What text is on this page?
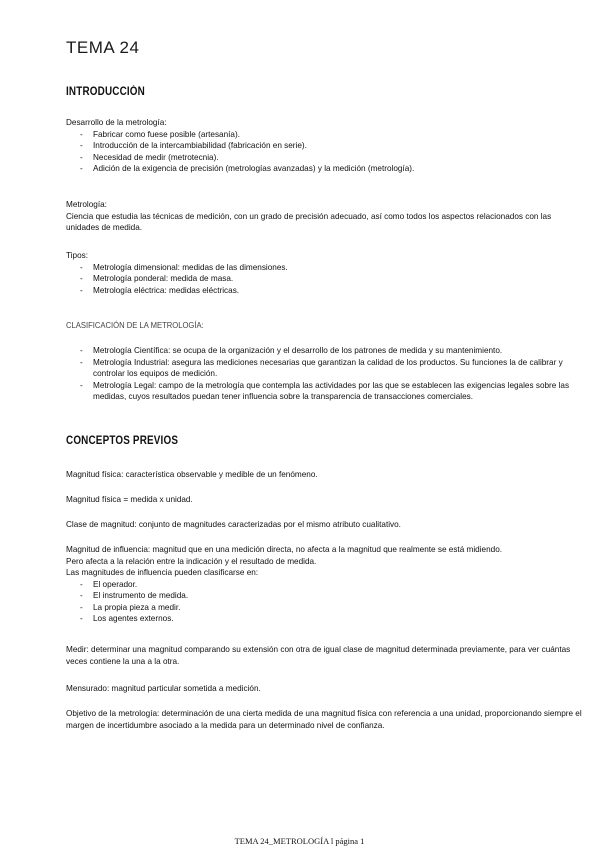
TEMA 24
INTRODUCCIÓN
Desarrollo de la metrología:
- Fabricar como fuese posible (artesanía).
- Introducción de la intercambiabilidad (fabricación en serie).
- Necesidad de medir (metrotecnia).
- Adición de la exigencia de precisión (metrologías avanzadas) y la medición (metrología).
Metrología:
Ciencia que estudia las técnicas de medición, con un grado de precisión adecuado, así como todos los aspectos relacionados con las unidades de medida.
Tipos:
- Metrología dimensional: medidas de las dimensiones.
- Metrología ponderal: medida de masa.
- Metrología eléctrica: medidas eléctricas.
CLASIFICACIÓN DE LA METROLOGÍA:
- Metrología Científica: se ocupa de la organización y el desarrollo de los patrones de medida y su mantenimiento.
- Metrología Industrial: asegura las mediciones necesarias que garantizan la calidad de los productos. Su funciones la de calibrar y controlar los equipos de medición.
- Metrología Legal: campo de la metrología que contempla las actividades por las que se establecen las exigencias legales sobre las medidas, cuyos resultados puedan tener influencia sobre la transparencia de transacciones comerciales.
CONCEPTOS PREVIOS
Magnitud física: característica observable y medible de un fenómeno.
Magnitud física = medida x unidad.
Clase de magnitud: conjunto de magnitudes caracterizadas por el mismo atributo cualitativo.
Magnitud de influencia: magnitud que en una medición directa, no afecta a la magnitud que realmente se está midiendo.
Pero afecta a la relación entre la indicación y el resultado de medida.
Las magnitudes de influencia pueden clasificarse en:
- El operador.
- El instrumento de medida.
- La propia pieza a medir.
- Los agentes externos.
Medir: determinar una magnitud comparando su extensión con otra de igual clase de magnitud determinada previamente, para ver cuántas veces contiene la una a la otra.
Mensurado: magnitud particular sometida a medición.
Objetivo de la metrología: determinación de una cierta medida de una magnitud física con referencia a una unidad, proporcionando siempre el margen de incertidumbre asociado a la medida para un determinado nivel de confianza.
TEMA 24_METROLOGÍA l página 1
